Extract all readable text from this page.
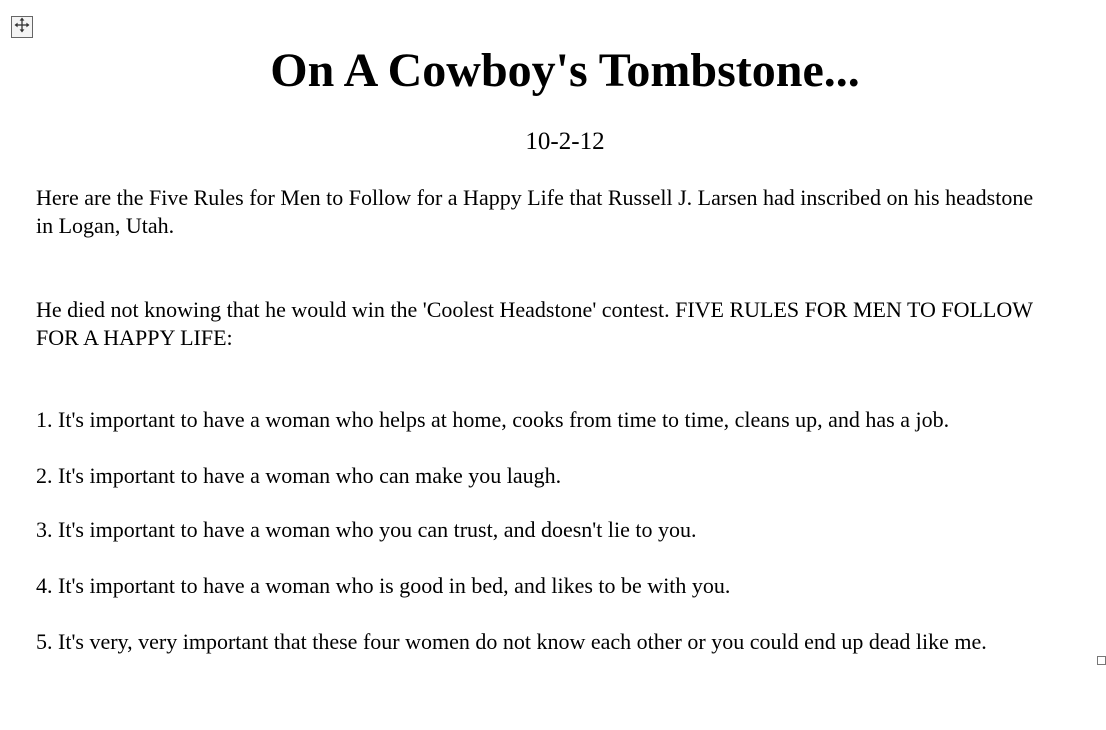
On A Cowboy's Tombstone...
10-2-12

Here are the Five Rules for Men to Follow for a Happy Life that Russell J. Larsen had inscribed on his headstone in Logan, Utah.

He died not knowing that he would win the 'Coolest Headstone' contest. FIVE RULES FOR MEN TO FOLLOW FOR A HAPPY LIFE:

1. It's important to have a woman who helps at home, cooks from time to time, cleans up, and has a job.

2. It's important to have a woman who can make you laugh.

3. It's important to have a woman who you can trust, and doesn't lie to you.

4. It's important to have a woman who is good in bed, and likes to be with you.

5. It's very, very important that these four women do not know each other or you could end up dead like me.
